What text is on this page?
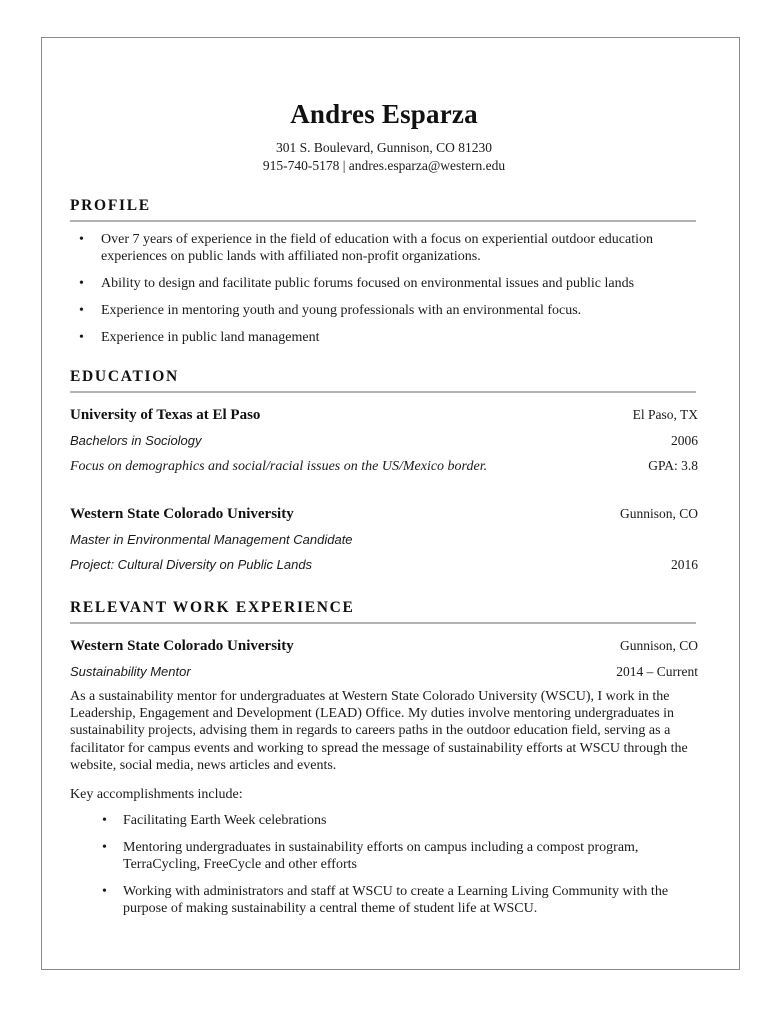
Andres Esparza
301 S. Boulevard, Gunnison, CO 81230
915-740-5178 | andres.esparza@western.edu
PROFILE
• Over 7 years of experience in the field of education with a focus on experiential outdoor education experiences on public lands with affiliated non-profit organizations.
• Ability to design and facilitate public forums focused on environmental issues and public lands
• Experience in mentoring youth and young professionals with an environmental focus.
• Experience in public land management
EDUCATION
University of Texas at El Paso	El Paso, TX
Bachelors in Sociology	2006
Focus on demographics and social/racial issues on the US/Mexico border.	GPA: 3.8
Western State Colorado University	Gunnison, CO
Master in Environmental Management Candidate
Project: Cultural Diversity on Public Lands	2016
RELEVANT WORK EXPERIENCE
Western State Colorado University	Gunnison, CO
Sustainability Mentor	2014 – Current

As a sustainability mentor for undergraduates at Western State Colorado University (WSCU), I work in the Leadership, Engagement and Development (LEAD) Office. My duties involve mentoring undergraduates in sustainability projects, advising them in regards to careers paths in the outdoor education field, serving as a facilitator for campus events and working to spread the message of sustainability efforts at WSCU through the website, social media, news articles and events.

Key accomplishments include:

• Facilitating Earth Week celebrations
• Mentoring undergraduates in sustainability efforts on campus including a compost program, TerraCycling, FreeCycle and other efforts
• Working with administrators and staff at WSCU to create a Learning Living Community with the purpose of making sustainability a central theme of student life at WSCU.
